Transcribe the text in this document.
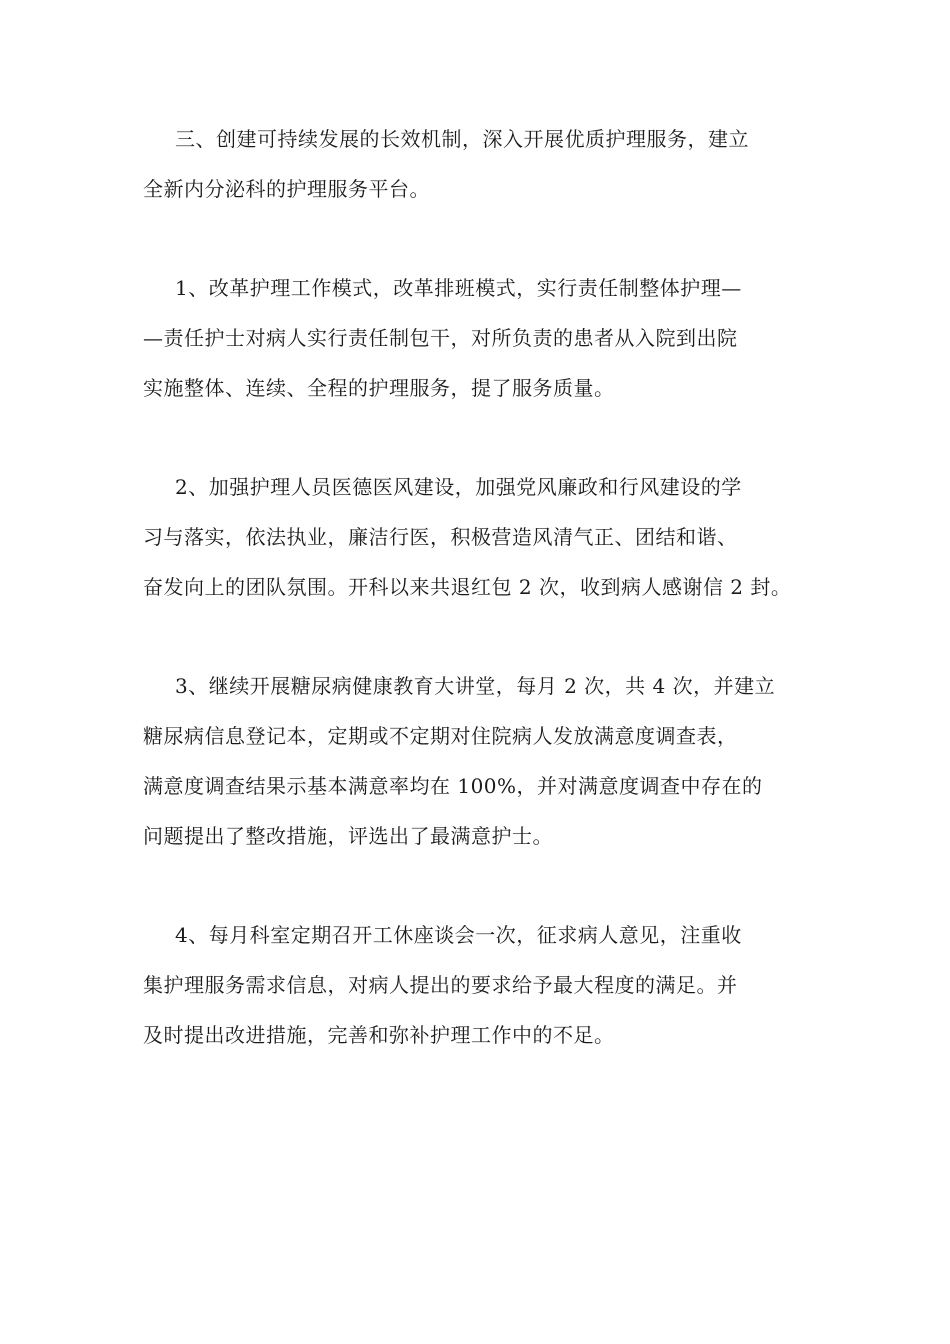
三、创建可持续发展的长效机制，深入开展优质护理服务，建立
全新内分泌科的护理服务平台。
1、改革护理工作模式，改革排班模式，实行责任制整体护理—
—责任护士对病人实行责任制包干，对所负责的患者从入院到出院
实施整体、连续、全程的护理服务，提了服务质量。
2、加强护理人员医德医风建设，加强党风廉政和行风建设的学
习与落实，依法执业，廉洁行医，积极营造风清气正、团结和谐、
奋发向上的团队氛围。开科以来共退红包 2 次，收到病人感谢信 2 封。
3、继续开展糖尿病健康教育大讲堂，每月 2 次，共 4 次，并建立
糖尿病信息登记本，定期或不定期对住院病人发放满意度调查表，
满意度调查结果示基本满意率均在 100%，并对满意度调查中存在的
问题提出了整改措施，评选出了最满意护士。
4、每月科室定期召开工休座谈会一次，征求病人意见，注重收
集护理服务需求信息，对病人提出的要求给予最大程度的满足。并
及时提出改进措施，完善和弥补护理工作中的不足。
